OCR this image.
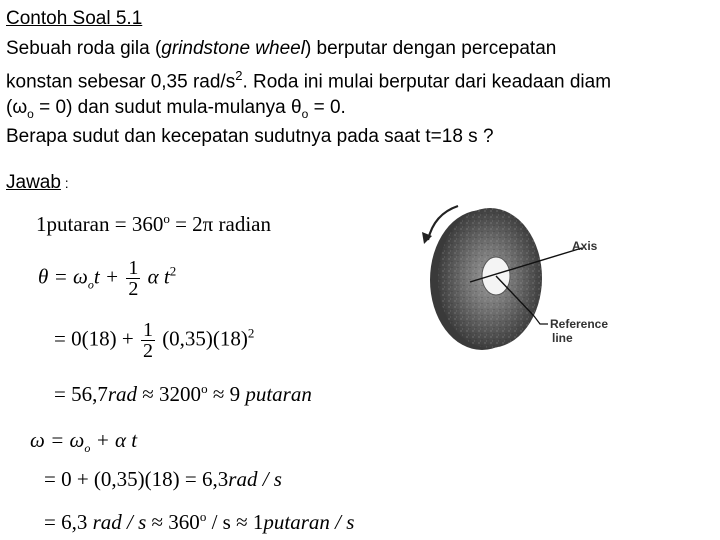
Contoh Soal 5.1
Sebuah roda gila (grindstone wheel) berputar dengan percepatan
konstan sebesar 0,35 rad/$s^2$. Roda ini mulai berputar dari keadaan diam
$(\omega_o = 0)$ dan sudut mula-mulanya $\theta_o = 0$.
Berapa sudut dan kecepatan sudutnya pada saat t=18 s ?
Jawab :
1putaran = $360^o = 2\pi$ radian
$\theta = \omega_ot + \frac{1}{2}$ α $t^2$
= $0(18) + \frac{1}{2} (0,35)(18)^2$
= $56,7rad \approx 3200^o \approx 9$ putaran
$\omega = \omega_o + \alpha$ t
= 0 + (0,35)(18) = 6,3rad / s
= 6,3 rad / $s \approx 360^o / s$ ≈ 1putaran / s
Axis
Reference
line
